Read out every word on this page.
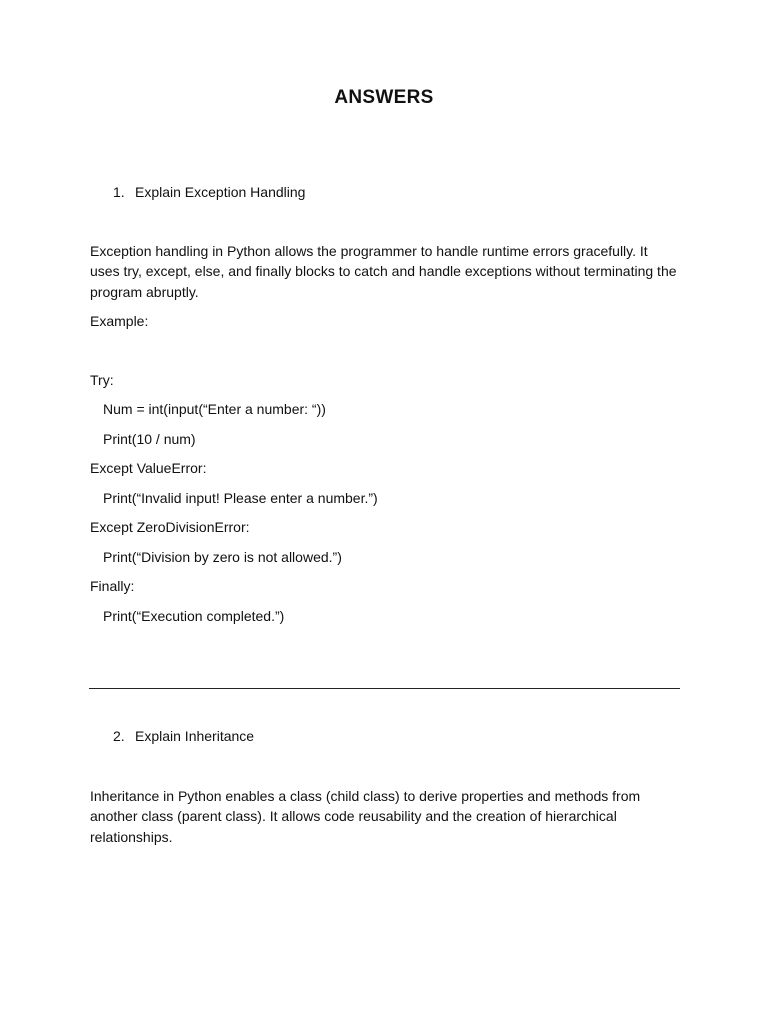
ANSWERS
1. Explain Exception Handling
Exception handling in Python allows the programmer to handle runtime errors gracefully. It uses try, except, else, and finally blocks to catch and handle exceptions without terminating the program abruptly.
Example:
Try:
Num = int(input(“Enter a number: “))
Print(10 / num)
Except ValueError:
Print(“Invalid input! Please enter a number.”)
Except ZeroDivisionError:
Print(“Division by zero is not allowed.”)
Finally:
Print(“Execution completed.”)
2. Explain Inheritance
Inheritance in Python enables a class (child class) to derive properties and methods from another class (parent class). It allows code reusability and the creation of hierarchical relationships.
